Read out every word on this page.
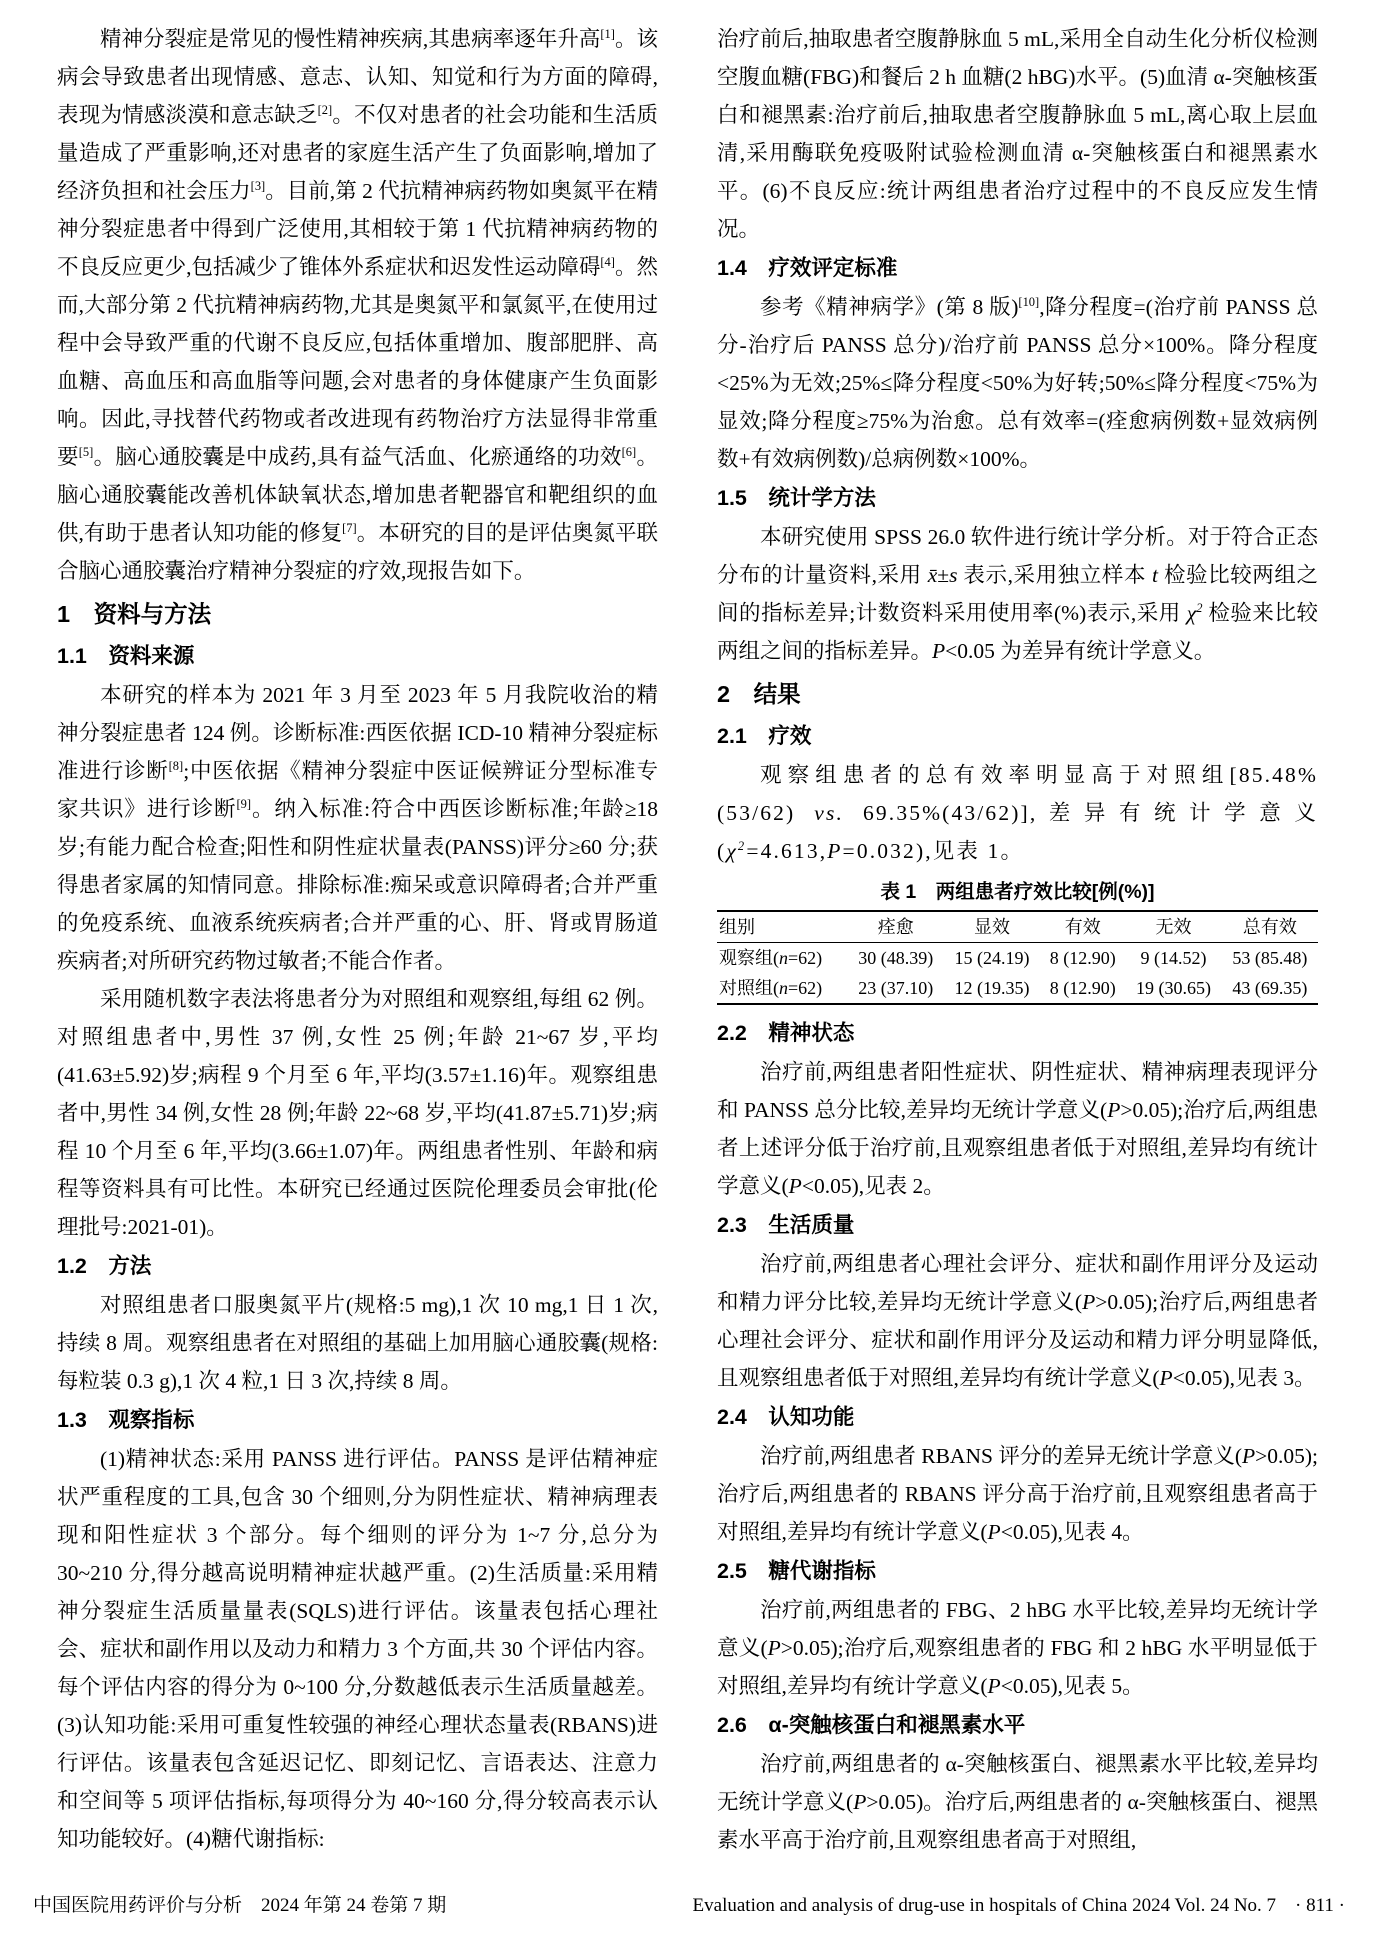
精神分裂症是常见的慢性精神疾病,其患病率逐年升高[1]。该病会导致患者出现情感、意志、认知、知觉和行为方面的障碍,表现为情感淡漠和意志缺乏[2]。不仅对患者的社会功能和生活质量造成了严重影响,还对患者的家庭生活产生了负面影响,增加了经济负担和社会压力[3]。目前,第 2 代抗精神病药物如奥氮平在精神分裂症患者中得到广泛使用,其相较于第 1 代抗精神病药物的不良反应更少,包括减少了锥体外系症状和迟发性运动障碍[4]。然而,大部分第 2 代抗精神病药物,尤其是奥氮平和氯氮平,在使用过程中会导致严重的代谢不良反应,包括体重增加、腹部肥胖、高血糖、高血压和高血脂等问题,会对患者的身体健康产生负面影响。因此,寻找替代药物或者改进现有药物治疗方法显得非常重要[5]。脑心通胶囊是中成药,具有益气活血、化瘀通络的功效[6]。脑心通胶囊能改善机体缺氧状态,增加患者靶器官和靶组织的血供,有助于患者认知功能的修复[7]。本研究的目的是评估奥氮平联合脑心通胶囊治疗精神分裂症的疗效,现报告如下。

1　资料与方法

1.1　资料来源

本研究的样本为 2021 年 3 月至 2023 年 5 月我院收治的精神分裂症患者 124 例。诊断标准:西医依据 ICD-10 精神分裂症标准进行诊断[8];中医依据《精神分裂症中医证候辨证分型标准专家共识》进行诊断[9]。纳入标准:符合中西医诊断标准;年龄≥18 岁;有能力配合检查;阳性和阴性症状量表(PANSS)评分≥60 分;获得患者家属的知情同意。排除标准:痴呆或意识障碍者;合并严重的免疫系统、血液系统疾病者;合并严重的心、肝、肾或胃肠道疾病者;对所研究药物过敏者;不能合作者。

采用随机数字表法将患者分为对照组和观察组,每组 62 例。对照组患者中,男性 37 例,女性 25 例;年龄 21~67 岁,平均(41.63±5.92)岁;病程 9 个月至 6 年,平均(3.57±1.16)年。观察组患者中,男性 34 例,女性 28 例;年龄 22~68 岁,平均(41.87±5.71)岁;病程 10 个月至 6 年,平均(3.66±1.07)年。两组患者性别、年龄和病程等资料具有可比性。本研究已经通过医院伦理委员会审批(伦理批号:2021-01)。

1.2　方法

对照组患者口服奥氮平片(规格:5 mg),1 次 10 mg,1 日 1 次,持续 8 周。观察组患者在对照组的基础上加用脑心通胶囊(规格:每粒装 0.3 g),1 次 4 粒,1 日 3 次,持续 8 周。

1.3　观察指标

(1)精神状态:采用 PANSS 进行评估。PANSS 是评估精神症状严重程度的工具,包含 30 个细则,分为阴性症状、精神病理表现和阳性症状 3 个部分。每个细则的评分为 1~7 分,总分为 30~210 分,得分越高说明精神症状越严重。(2)生活质量:采用精神分裂症生活质量量表(SQLS)进行评估。该量表包括心理社会、症状和副作用以及动力和精力 3 个方面,共 30 个评估内容。每个评估内容的得分为 0~100 分,分数越低表示生活质量越差。(3)认知功能:采用可重复性较强的神经心理状态量表(RBANS)进行评估。该量表包含延迟记忆、即刻记忆、言语表达、注意力和空间等 5 项评估指标,每项得分为 40~160 分,得分较高表示认知功能较好。(4)糖代谢指标:

治疗前后,抽取患者空腹静脉血 5 mL,采用全自动生化分析仪检测空腹血糖(FBG)和餐后 2 h 血糖(2 hBG)水平。(5)血清 α-突触核蛋白和褪黑素:治疗前后,抽取患者空腹静脉血 5 mL,离心取上层血清,采用酶联免疫吸附试验检测血清 α-突触核蛋白和褪黑素水平。(6)不良反应:统计两组患者治疗过程中的不良反应发生情况。

1.4　疗效评定标准

参考《精神病学》(第 8 版)[10],降分程度=(治疗前 PANSS 总分-治疗后 PANSS 总分)/治疗前 PANSS 总分×100%。降分程度<25%为无效;25%≤降分程度<50%为好转;50%≤降分程度<75%为显效;降分程度≥75%为治愈。总有效率=(痊愈病例数+显效病例数+有效病例数)/总病例数×100%。

1.5　统计学方法

本研究使用 SPSS 26.0 软件进行统计学分析。对于符合正态分布的计量资料,采用 x̄±s 表示,采用独立样本 t 检验比较两组之间的指标差异;计数资料采用使用率(%)表示,采用 $\chi^2$ 检验来比较两组之间的指标差异。P<0.05 为差异有统计学意义。

2　结果

2.1　疗效

观察组患者的总有效率明显高于对照组[85.48%(53/62) vs. 69.35%(43/62)],差异有统计学意义$(\chi^2=4.613,P=0.032)$,见表 1。

表 1　两组患者疗效比较[例(%)]
组别	痊愈	显效	有效	无效	总有效
观察组(n=62)	30 (48.39)	15 (24.19)	8 (12.90)	9 (14.52)	53 (85.48)
对照组(n=62)	23 (37.10)	12 (19.35)	8 (12.90)	19 (30.65)	43 (69.35)

2.2　精神状态

治疗前,两组患者阳性症状、阴性症状、精神病理表现评分和 PANSS 总分比较,差异均无统计学意义(P>0.05);治疗后,两组患者上述评分低于治疗前,且观察组患者低于对照组,差异均有统计学意义(P<0.05),见表 2。

2.3　生活质量

治疗前,两组患者心理社会评分、症状和副作用评分及运动和精力评分比较,差异均无统计学意义(P>0.05);治疗后,两组患者心理社会评分、症状和副作用评分及运动和精力评分明显降低,且观察组患者低于对照组,差异均有统计学意义(P<0.05),见表 3。

2.4　认知功能

治疗前,两组患者 RBANS 评分的差异无统计学意义(P>0.05);治疗后,两组患者的 RBANS 评分高于治疗前,且观察组患者高于对照组,差异均有统计学意义(P<0.05),见表 4。

2.5　糖代谢指标

治疗前,两组患者的 FBG、2 hBG 水平比较,差异均无统计学意义(P>0.05);治疗后,观察组患者的 FBG 和 2 hBG 水平明显低于对照组,差异均有统计学意义(P<0.05),见表 5。

2.6　α-突触核蛋白和褪黑素水平

治疗前,两组患者的 α-突触核蛋白、褪黑素水平比较,差异均无统计学意义(P>0.05)。治疗后,两组患者的 α-突触核蛋白、褪黑素水平高于治疗前,且观察组患者高于对照组,

中国医院用药评价与分析　2024 年第 24 卷第 7 期	Evaluation and analysis of drug-use in hospitals of China 2024 Vol. 24 No. 7　· 811 ·
